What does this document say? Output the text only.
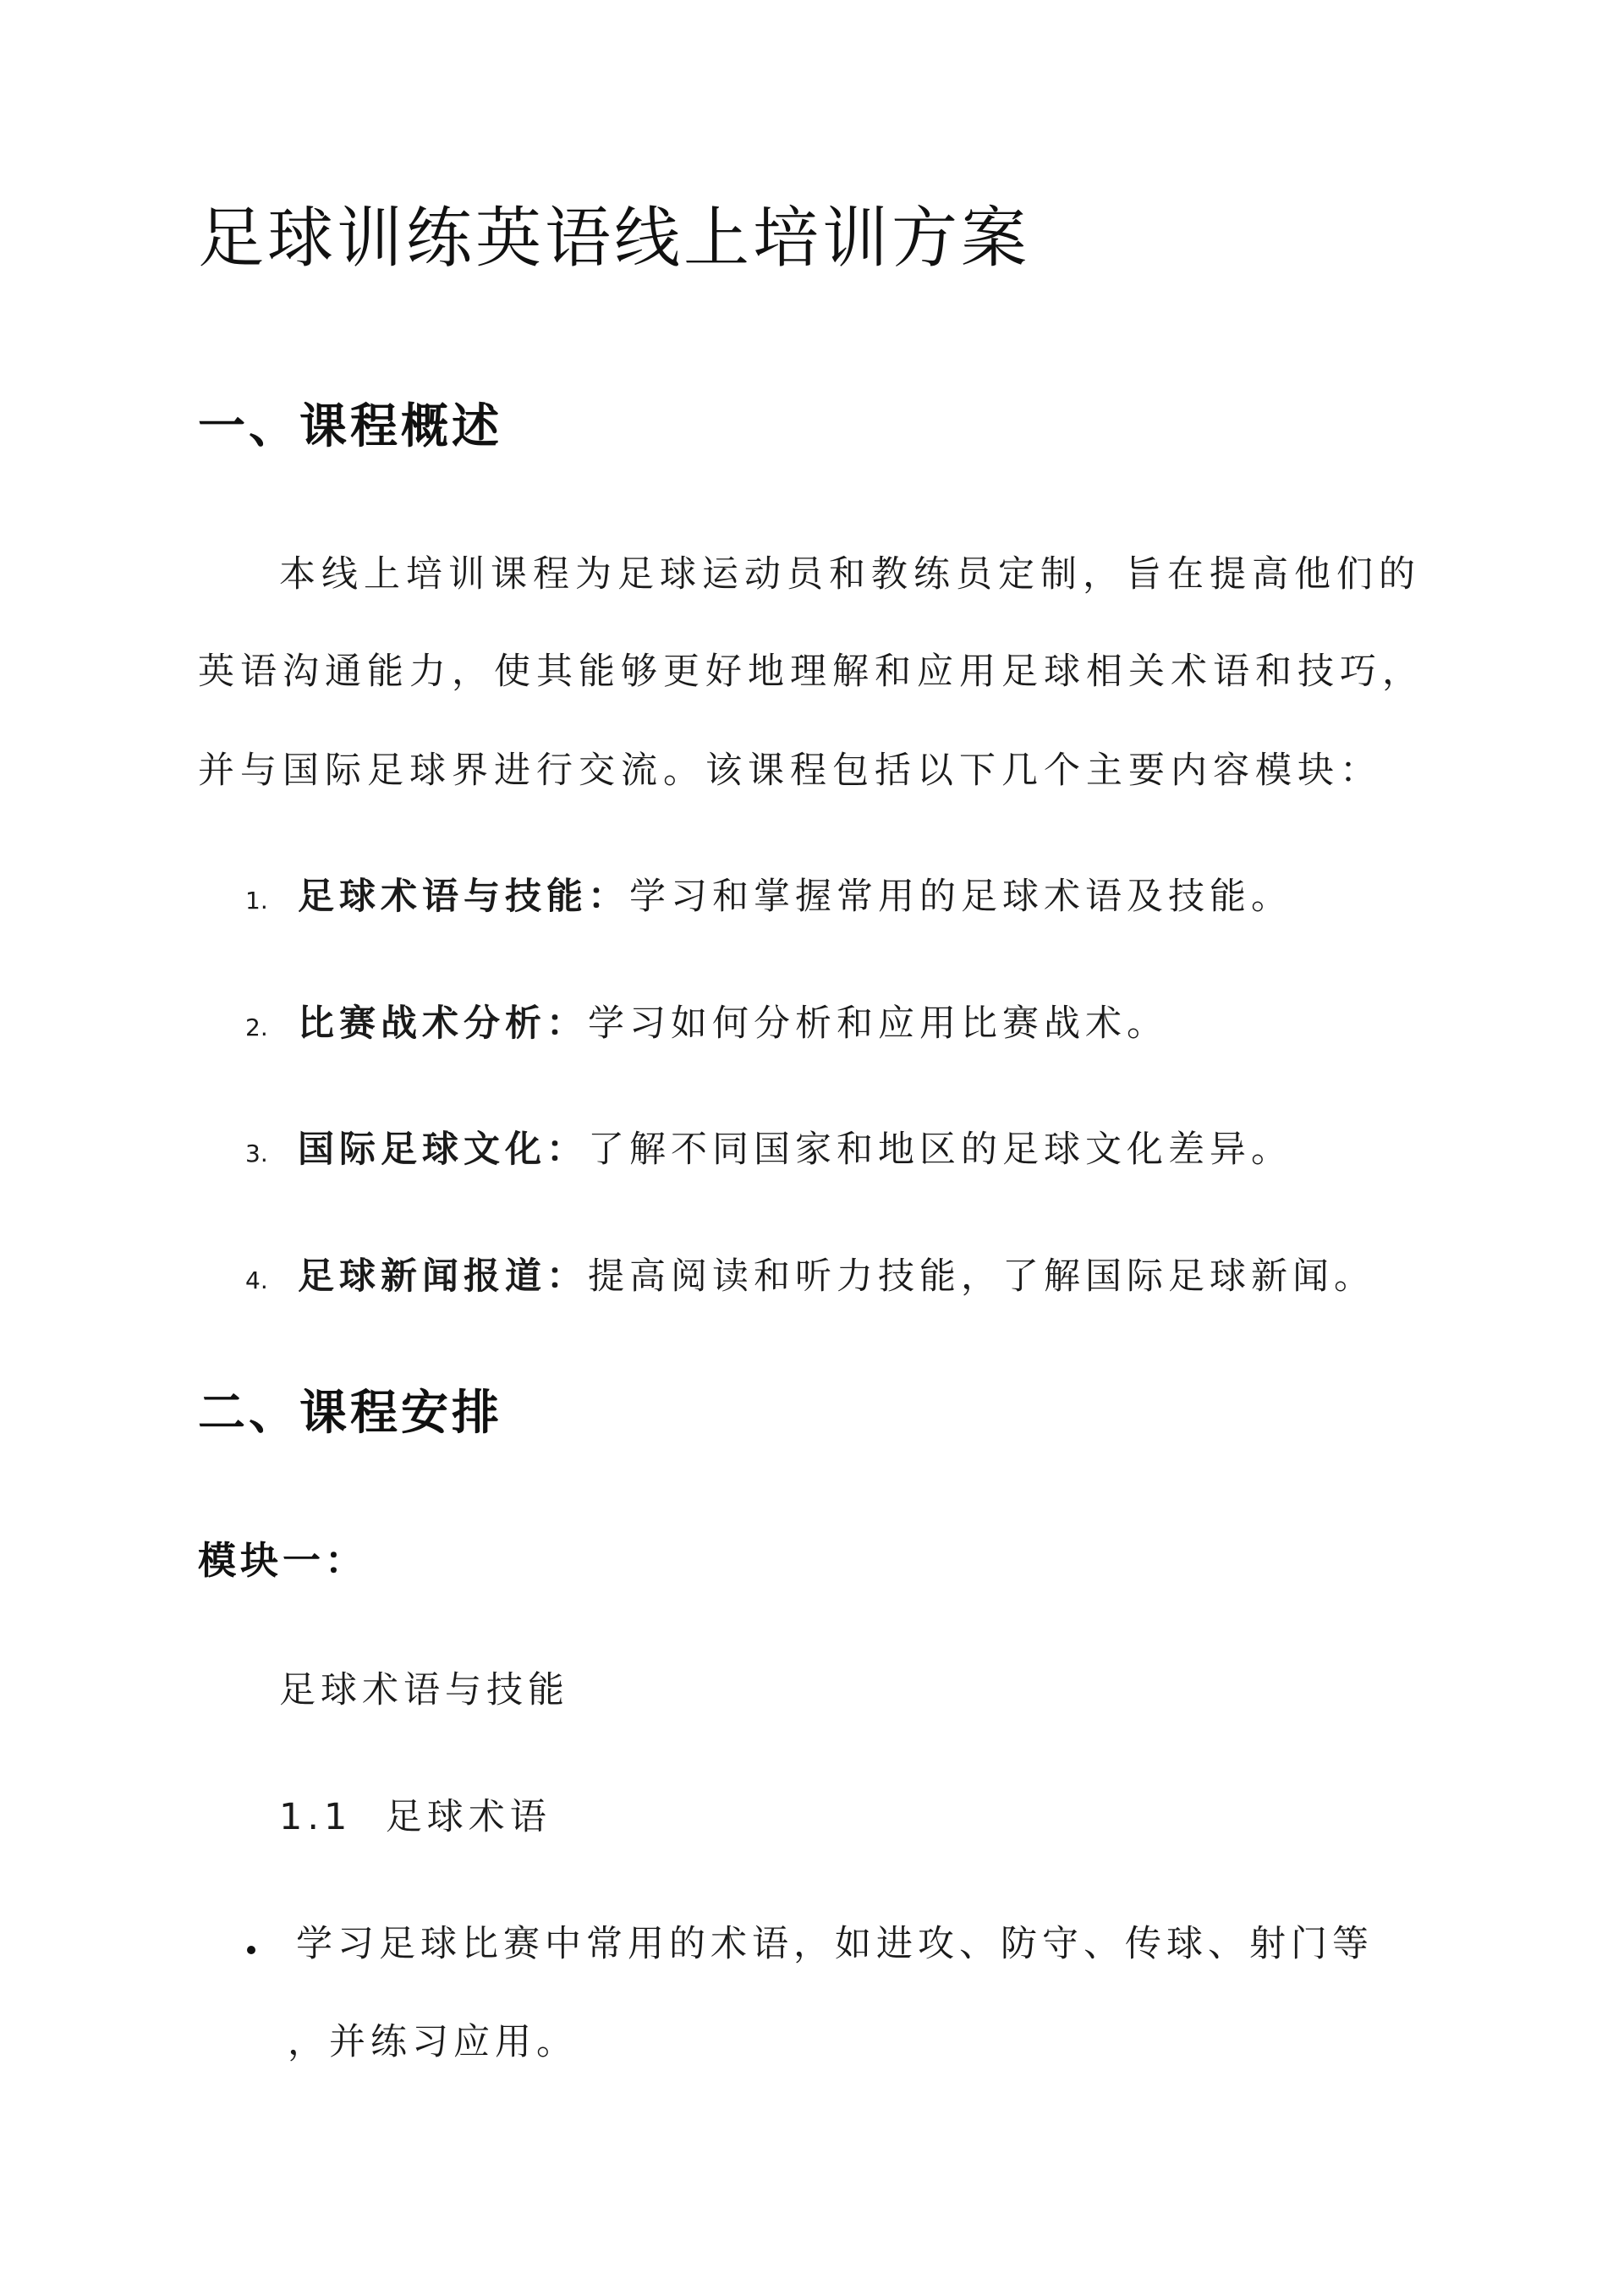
足球训练英语线上培训方案
一、课程概述
本线上培训课程为足球运动员和教练员定制，旨在提高他们的
英语沟通能力，使其能够更好地理解和应用足球相关术语和技巧，
并与国际足球界进行交流。该课程包括以下几个主要内容模块：
1. 足球术语与技能：学习和掌握常用的足球术语及技能。
2. 比赛战术分析：学习如何分析和应用比赛战术。
3. 国际足球文化：了解不同国家和地区的足球文化差异。
4. 足球新闻报道：提高阅读和听力技能，了解国际足球新闻。
二、课程安排
模块一：
足球术语与技能
1.1  足球术语
学习足球比赛中常用的术语，如进攻、防守、传球、射门等
，并练习应用。
